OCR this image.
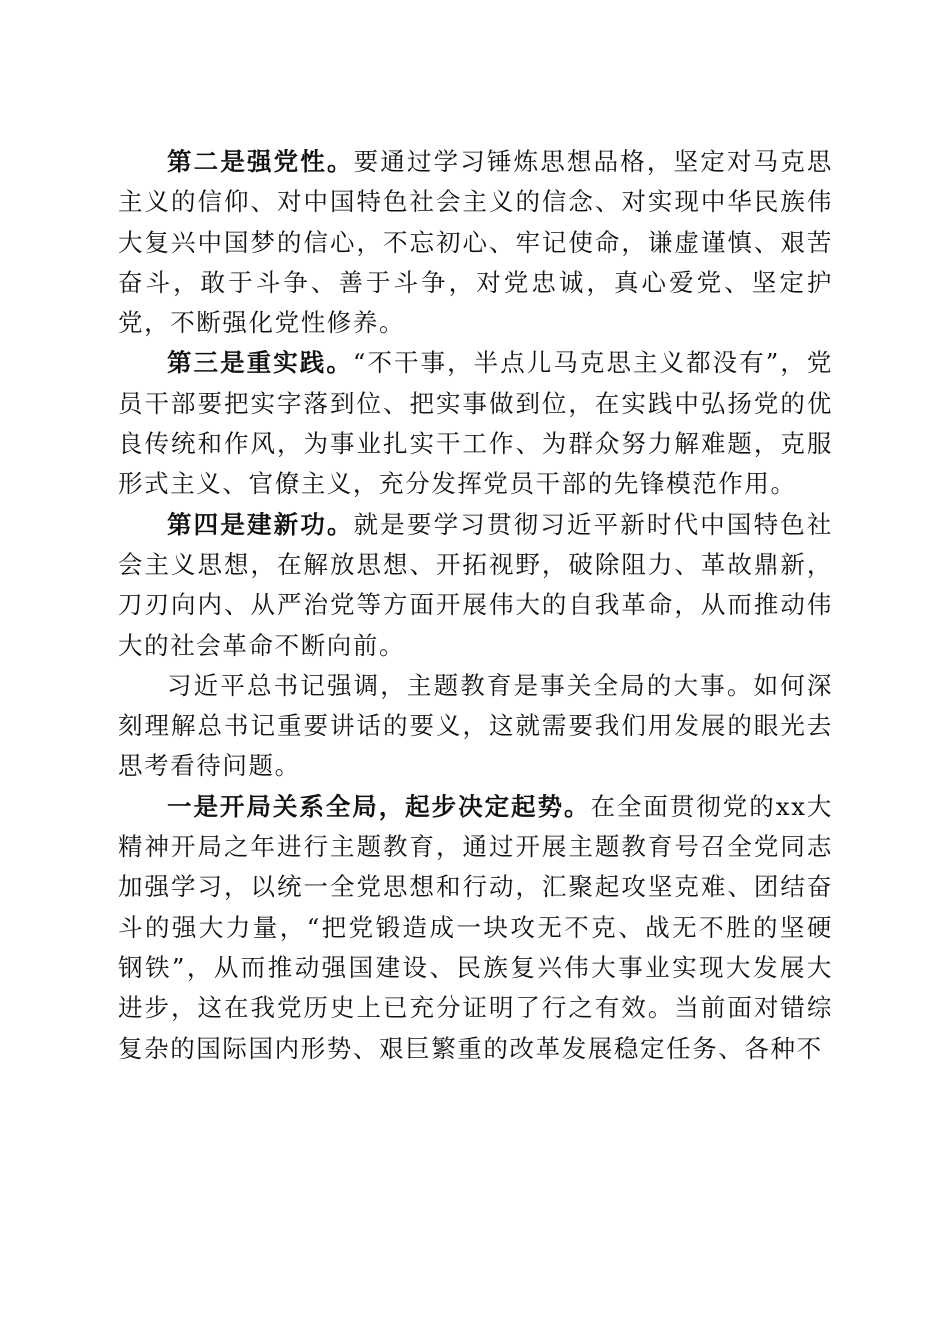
第二是强党性。要通过学习锤炼思想品格，坚定对马克思主义的信仰、对中国特色社会主义的信念、对实现中华民族伟大复兴中国梦的信心，不忘初心、牢记使命，谦虚谨慎、艰苦奋斗，敢于斗争、善于斗争，对党忠诚，真心爱党、坚定护党，不断强化党性修养。

第三是重实践。“不干事，半点儿马克思主义都没有”，党员干部要把实字落到位、把实事做到位，在实践中弘扬党的优良传统和作风，为事业扎实干工作、为群众努力解难题，克服形式主义、官僚主义，充分发挥党员干部的先锋模范作用。

第四是建新功。就是要学习贯彻习近平新时代中国特色社会主义思想，在解放思想、开拓视野，破除阻力、革故鼎新，刀刃向内、从严治党等方面开展伟大的自我革命，从而推动伟大的社会革命不断向前。

习近平总书记强调，主题教育是事关全局的大事。如何深刻理解总书记重要讲话的要义，这就需要我们用发展的眼光去思考看待问题。

一是开局关系全局，起步决定起势。在全面贯彻党的xx大精神开局之年进行主题教育，通过开展主题教育号召全党同志加强学习，以统一全党思想和行动，汇聚起攻坚克难、团结奋斗的强大力量，“把党锻造成一块攻无不克、战无不胜的坚硬钢铁”，从而推动强国建设、民族复兴伟大事业实现大发展大进步，这在我党历史上已充分证明了行之有效。当前面对错综复杂的国际国内形势、艰巨繁重的改革发展稳定任务、各种不
